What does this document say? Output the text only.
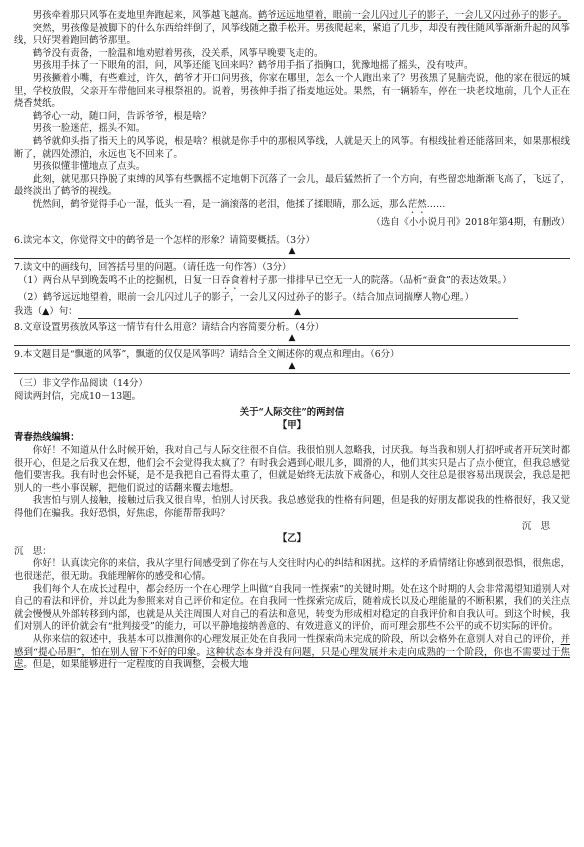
男孩牵着那只风筝在麦地里奔跑起来，风筝越飞越高。鹤爷远远地望着，眼前一会儿闪过儿子的影子，一会儿又闪过孙子的影子。

突然，男孩像是被脚下的什么东西给绊倒了，风筝线随之撒手松开。男孩爬起来，紧追了几步，却没有拽住随风筝渐渐升起的风筝线，只好哭着跑回鹤爷那里。

鹤爷没有责备，一脸温和地劝慰着男孩，没关系，风筝早晚要飞走的。

男孩用手抹了一下眼角的泪，问，风筝还能飞回来吗？鹤爷用手指了指胸口，犹豫地摇了摇头，没有吱声。

男孩撅着小嘴，有些难过，许久，鹤爷才开口问男孩，你家在哪里，怎么一个人跑出来了？男孩黑了晃脑壳说，他的家在很远的城里，学校放假，父亲开车带他回来寻根祭祖的。说着，男孩伸手指了指麦地远处。果然，有一辆轿车，停在一块老坟地前，几个人正在烧香焚纸。

鹤爷心一动，随口问，告诉爷爷，根是啥？

男孩一脸迷茫，摇头不知。

鹤爷就仰头指了指天上的风筝说，根是啥？根就是你手中的那根风筝线，人就是天上的风筝。有根线扯着还能落回来，如果那根线断了，就四处漂泊，永远也飞不回来了。

男孩似懂非懂地点了点头。

此刻，就见那只挣脱了束缚的风筝有些飘摇不定地朝下沉落了一会儿，最后猛然折了一个方向，有些留恋地渐渐飞高了，飞远了，最终淡出了鹤爷的视线。

恍然间，鹤爷觉得手心一湿，低头一看，是一滴滚落的老泪，他揉了揉眼睛，那么远，那么茫然……

（选自《小小说月刊》2018年第4期，有删改）

6.读完本文，你觉得文中的鹤爷是一个怎样的形象？请简要概括。（3分）

▲

7.读文中的画线句，回答括号里的问题。（请任选一句作答）（3分）

（1）两台从早到晚轰鸣不止的挖掘机，日复一日吞食着村子那一排排早已空无一人的院落。（品析“蚕食”的表达效果。）

（2）鹤爷远远地望着，眼前一会儿闪过儿子的影子，一会儿又闪过孙子的影子。（结合加点词揣摩人物心理。）

我选（▲）句：	▲

8.文章设置男孩放风筝这一情节有什么用意？请结合内容简要分析。（4分）

▲

9.本文题目是“飘逝的风筝”，飘逝的仅仅是风筝吗？请结合全文阐述你的观点和理由。（6分）

▲

（三）非文学作品阅读（14分）

阅读两封信，完成10－13题。

关于“人际交往”的两封信

【甲】

青春热线编辑：

你好！不知道从什么时候开始，我对自己与人际交往很不自信。我很怕别人忽略我，讨厌我。每当我和别人打招呼或者开玩笑时都很开心，但是之后我又在想，他们会不会觉得我太疯了？有时我会遇到心眼儿多，圆滑的人，他们其实只是占了点小便宜，但我总感觉他们要害我。我有时也会怀疑，是不是我把自己看得太重了，但就是始终无法放下戒备心，和别人交往总是很容易出现误会，我总是把别人的一些小事误解，把他们说过的话翻来覆去地想。

我害怕与别人接触，接触过后我又很自卑，怕别人讨厌我。我总感觉我的性格有问题，但是我的好朋友都说我的性格很好，我又觉得他们在骗我。我好恐惧，好焦虑，你能帮帮我吗？

沉　思

【乙】

沉　思：

你好！认真读完你的来信，我从字里行间感受到了你在与人交往时内心的纠结和困扰。这样的矛盾情绪让你感到很恐惧，很焦虑，也很迷茫，很无助。我能理解你的感受和心情。

我们每个人在成长过程中，都会经历一个在心理学上叫做“自我同一性探索”的关键时期。处在这个时期的人会非常渴望知道别人对自己的看法和评价，并以此为参照来对自己评价和定位。在自我同一性探索完成后，随着成长以及心理能量的不断积累，我们的关注点就会慢慢从外部转移到内部，也就是从关注周围人对自己的看法和意见，转变为形成相对稳定的自我评价和自我认可。到这个时候，我们对别人的评价就会有“批判接受”的能力，可以平静地接纳善意的、有效进意义的评价，而可理会那些不公平的或不切实际的评价。

从你来信的叙述中，我基本可以推测你的心理发展正处在自我同一性探索尚未完成的阶段，所以会格外在意别人对自己的评价，并感到“提心吊胆”，怕在别人留下不好的印象。这种状态本身并没有问题，只是心理发展并未走向成熟的一个阶段，你也不需要过于焦虑。但是，如果能够进行一定程度的自我调整，会极大地
